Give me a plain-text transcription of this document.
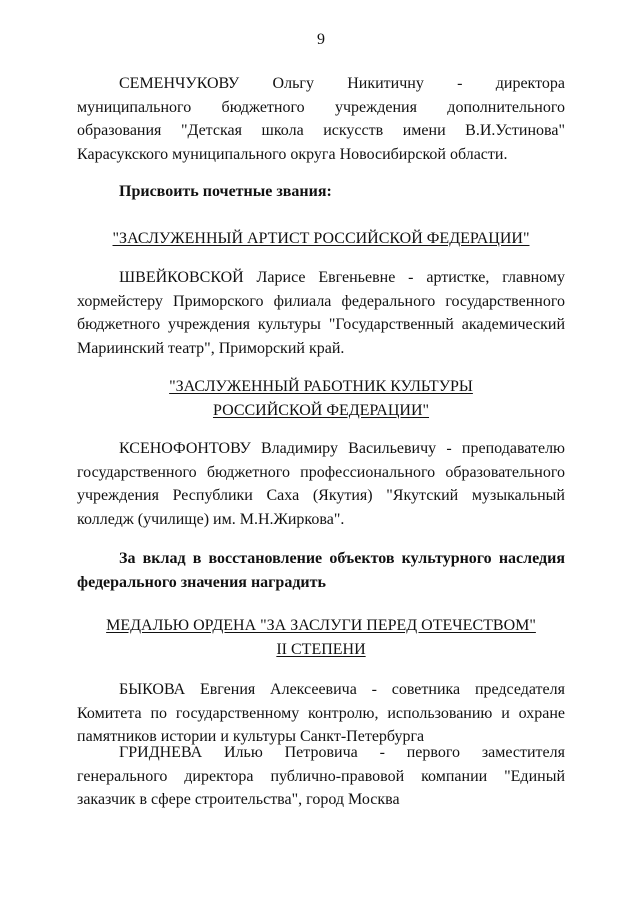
9
СЕМЕНЧУКОВУ Ольгу Никитичну - директора муниципального бюджетного учреждения дополнительного образования "Детская школа искусств имени В.И.Устинова" Карасукского муниципального округа Новосибирской области.
Присвоить почетные звания:
"ЗАСЛУЖЕННЫЙ АРТИСТ РОССИЙСКОЙ ФЕДЕРАЦИИ"
ШВЕЙКОВСКОЙ Ларисе Евгеньевне - артистке, главному хормейстеру Приморского филиала федерального государственного бюджетного учреждения культуры "Государственный академический Мариинский театр", Приморский край.
"ЗАСЛУЖЕННЫЙ РАБОТНИК КУЛЬТУРЫ
РОССИЙСКОЙ ФЕДЕРАЦИИ"
КСЕНОФОНТОВУ Владимиру Васильевичу - преподавателю государственного бюджетного профессионального образовательного учреждения Республики Саха (Якутия) "Якутский музыкальный колледж (училище) им. М.Н.Жиркова".
За вклад в восстановление объектов культурного наследия федерального значения наградить
МЕДАЛЬЮ ОРДЕНА "ЗА ЗАСЛУГИ ПЕРЕД ОТЕЧЕСТВОМ"
II СТЕПЕНИ
БЫКОВА Евгения Алексеевича - советника председателя Комитета по государственному контролю, использованию и охране памятников истории и культуры Санкт-Петербурга
ГРИДНЕВА Илью Петровича - первого заместителя генерального директора публично-правовой компании "Единый заказчик в сфере строительства", город Москва
